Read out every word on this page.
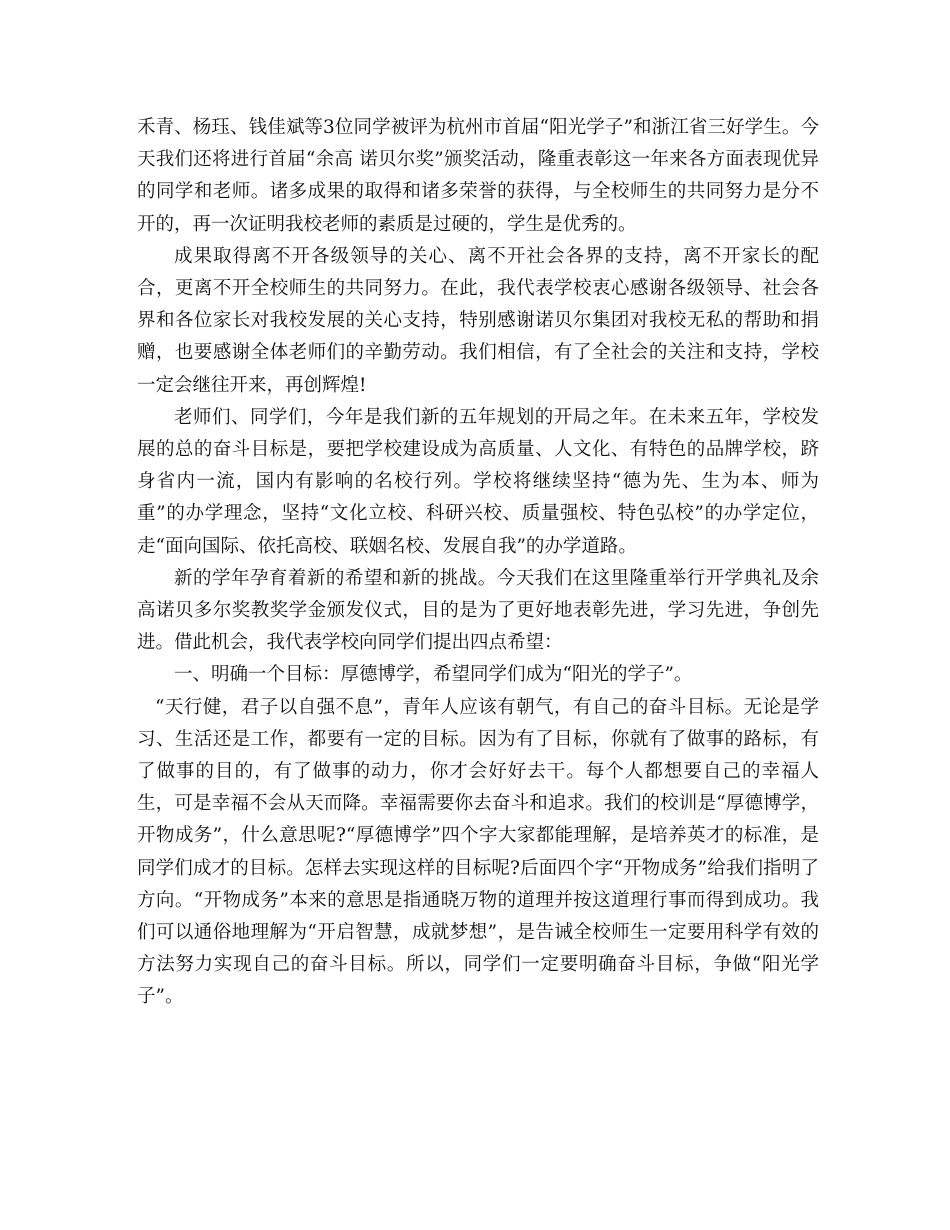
禾青、杨珏、钱佳斌等3位同学被评为杭州市首届“阳光学子”和浙江省三好学生。今天我们还将进行首届“余高 诺贝尔奖”颁奖活动，隆重表彰这一年来各方面表现优异的同学和老师。诸多成果的取得和诸多荣誉的获得，与全校师生的共同努力是分不开的，再一次证明我校老师的素质是过硬的，学生是优秀的。

成果取得离不开各级领导的关心、离不开社会各界的支持，离不开家长的配合，更离不开全校师生的共同努力。在此，我代表学校衷心感谢各级领导、社会各界和各位家长对我校发展的关心支持，特别感谢诺贝尔集团对我校无私的帮助和捐赠，也要感谢全体老师们的辛勤劳动。我们相信，有了全社会的关注和支持，学校一定会继往开来，再创辉煌!

老师们、同学们，今年是我们新的五年规划的开局之年。在未来五年，学校发展的总的奋斗目标是，要把学校建设成为高质量、人文化、有特色的品牌学校，跻身省内一流，国内有影响的名校行列。学校将继续坚持“德为先、生为本、师为重”的办学理念，坚持“文化立校、科研兴校、质量强校、特色弘校”的办学定位，走“面向国际、依托高校、联姻名校、发展自我”的办学道路。

新的学年孕育着新的希望和新的挑战。今天我们在这里隆重举行开学典礼及余高诺贝多尔奖教奖学金颁发仪式，目的是为了更好地表彰先进，学习先进，争创先进。借此机会，我代表学校向同学们提出四点希望：

一、明确一个目标：厚德博学，希望同学们成为“阳光的学子”。

“天行健，君子以自强不息”，青年人应该有朝气，有自己的奋斗目标。无论是学习、生活还是工作，都要有一定的目标。因为有了目标，你就有了做事的路标，有了做事的目的，有了做事的动力，你才会好好去干。每个人都想要自己的幸福人生，可是幸福不会从天而降。幸福需要你去奋斗和追求。我们的校训是“厚德博学，开物成务”，什么意思呢?“厚德博学”四个字大家都能理解，是培养英才的标准，是同学们成才的目标。怎样去实现这样的目标呢?后面四个字“开物成务”给我们指明了方向。“开物成务”本来的意思是指通晓万物的道理并按这道理行事而得到成功。我们可以通俗地理解为“开启智慧，成就梦想”，是告诫全校师生一定要用科学有效的方法努力实现自己的奋斗目标。所以，同学们一定要明确奋斗目标，争做“阳光学子”。
